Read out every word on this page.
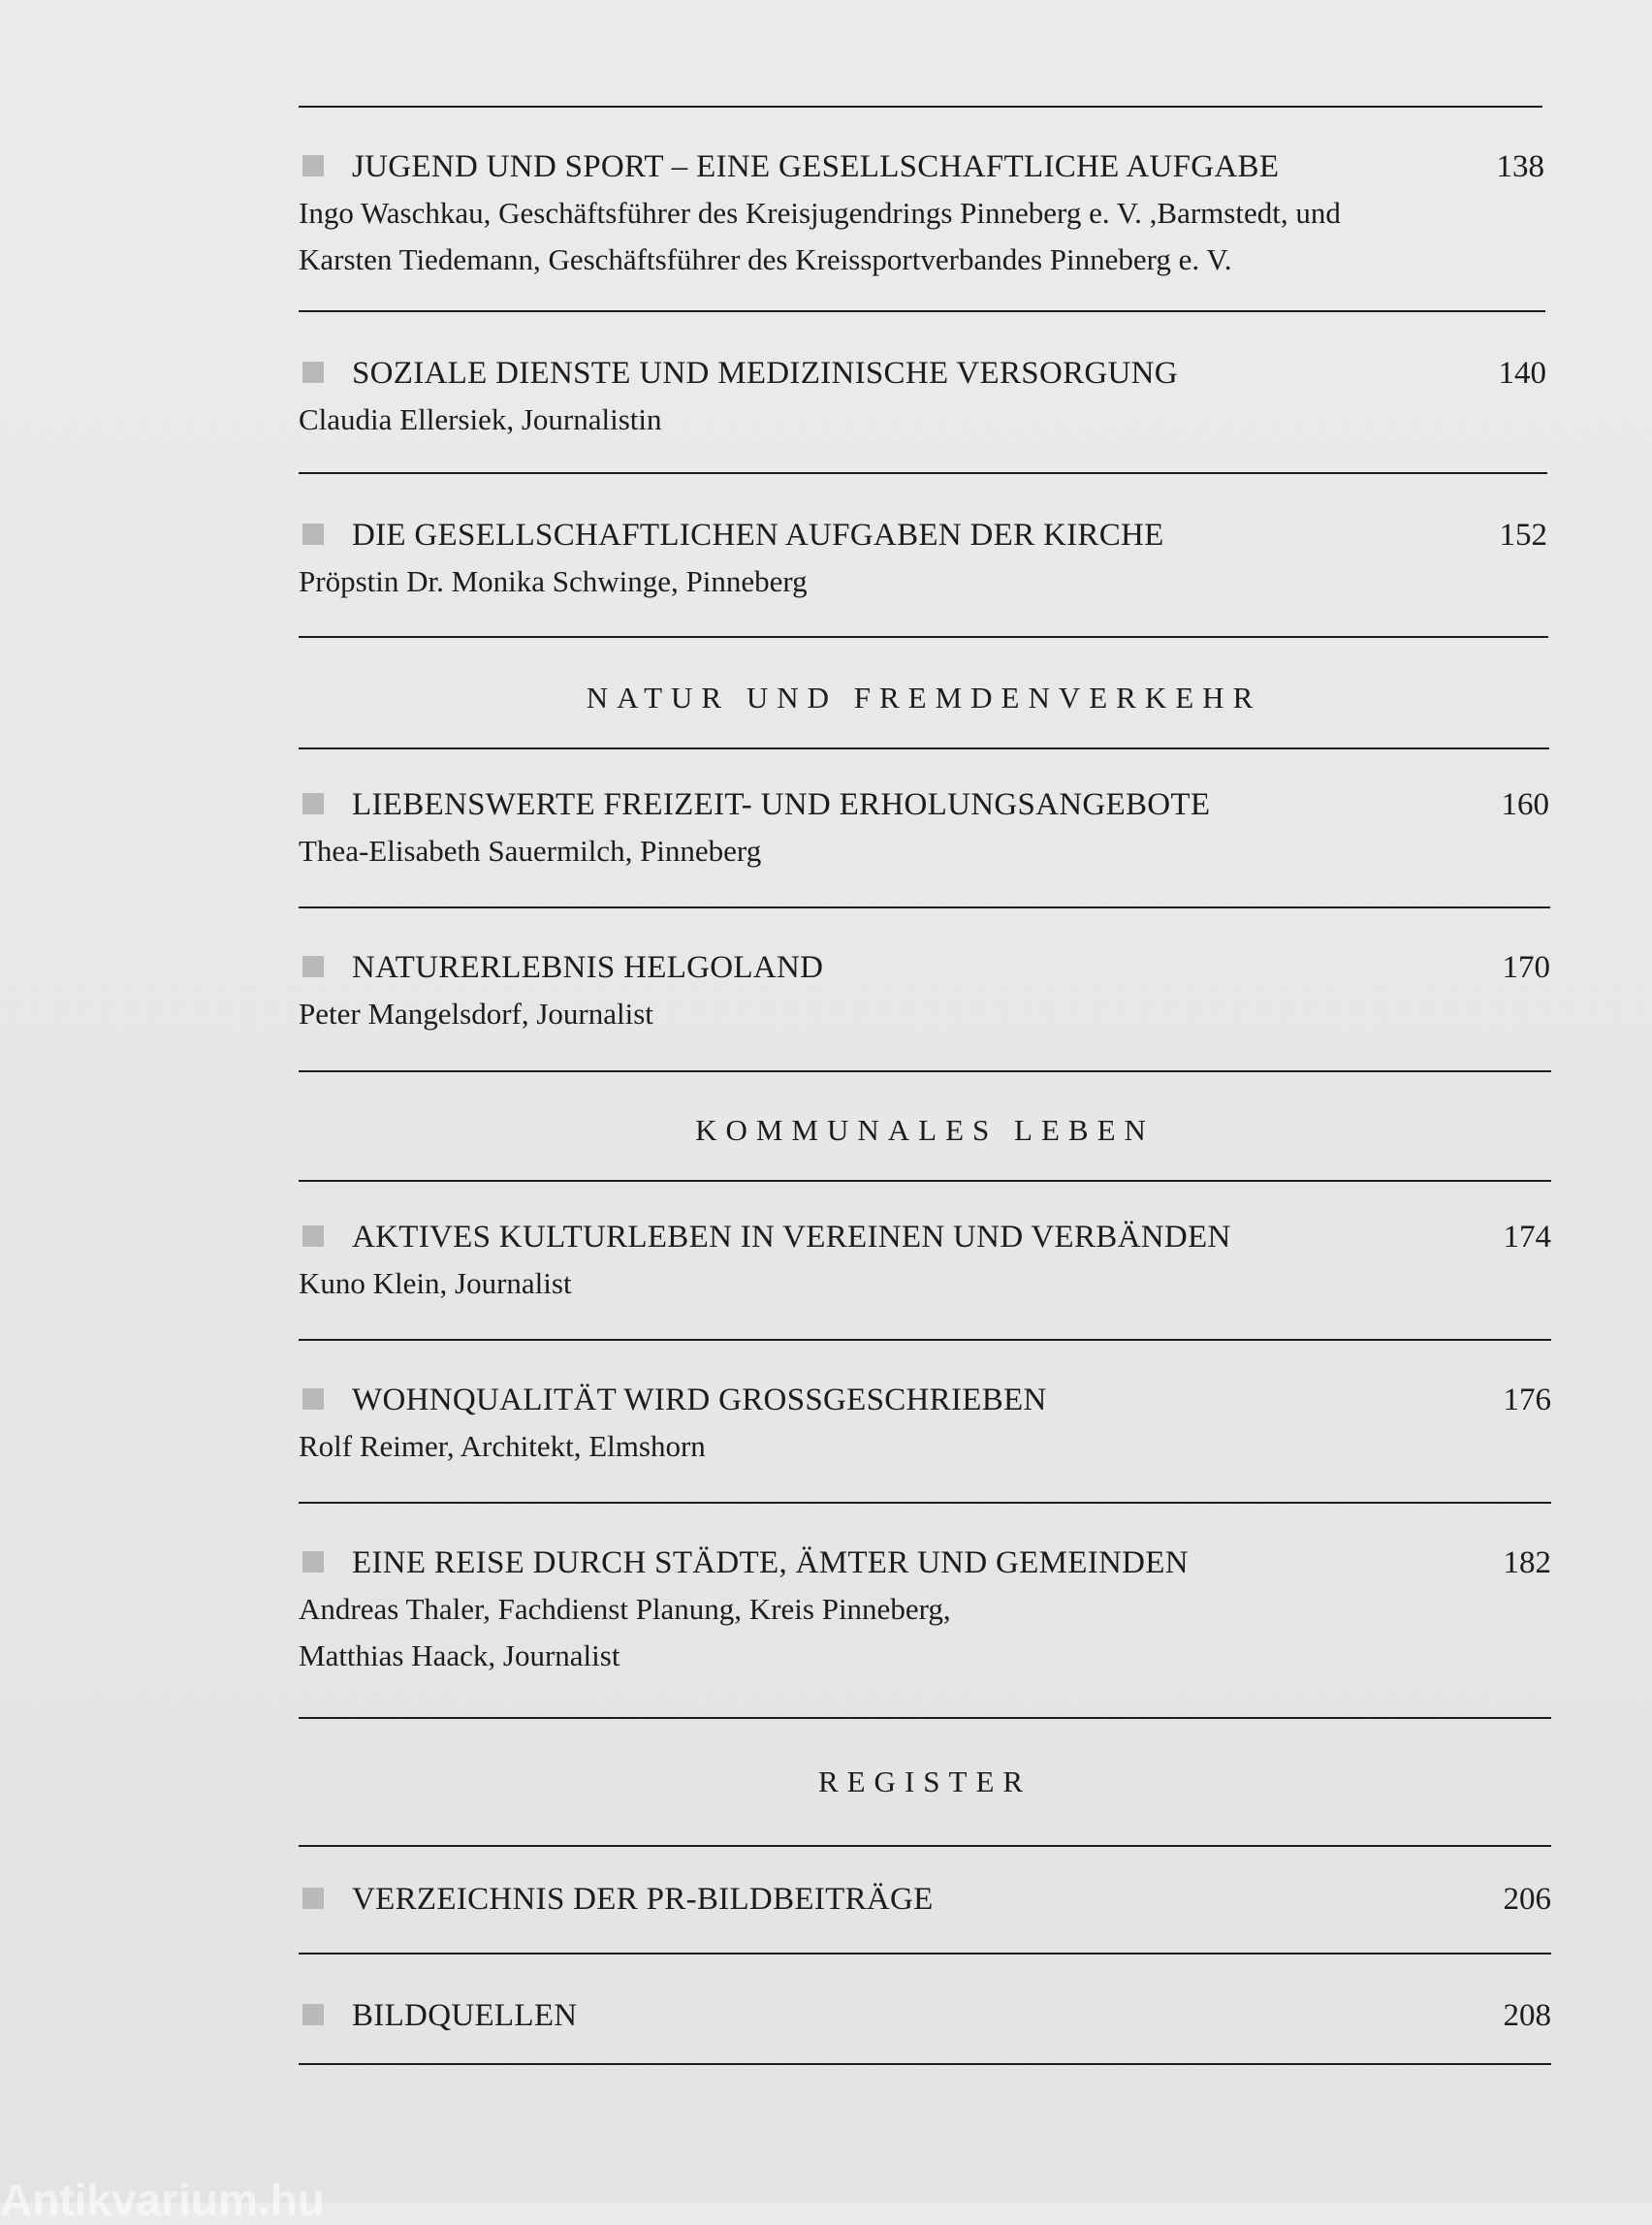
JUGEND UND SPORT – EINE GESELLSCHAFTLICHE AUFGABE	138
Ingo Waschkau, Geschäftsführer des Kreisjugendrings Pinneberg e. V. ,Barmstedt, und
Karsten Tiedemann, Geschäftsführer des Kreissportverbandes Pinneberg e. V.
SOZIALE DIENSTE UND MEDIZINISCHE VERSORGUNG	140
Claudia Ellersiek, Journalistin
DIE GESELLSCHAFTLICHEN AUFGABEN DER KIRCHE	152
Pröpstin Dr. Monika Schwinge, Pinneberg
NATUR UND FREMDENVERKEHR
LIEBENSWERTE FREIZEIT- UND ERHOLUNGSANGEBOTE	160
Thea-Elisabeth Sauermilch, Pinneberg
NATURERLEBNIS HELGOLAND	170
Peter Mangelsdorf, Journalist
KOMMUNALES LEBEN
AKTIVES KULTURLEBEN IN VEREINEN UND VERBÄNDEN	174
Kuno Klein, Journalist
WOHNQUALITÄT WIRD GROSSGESCHRIEBEN	176
Rolf Reimer, Architekt, Elmshorn
EINE REISE DURCH STÄDTE, ÄMTER UND GEMEINDEN	182
Andreas Thaler, Fachdienst Planung, Kreis Pinneberg,
Matthias Haack, Journalist
REGISTER
VERZEICHNIS DER PR-BILDBEITRÄGE	206
BILDQUELLEN	208
Antikvarium.hu
